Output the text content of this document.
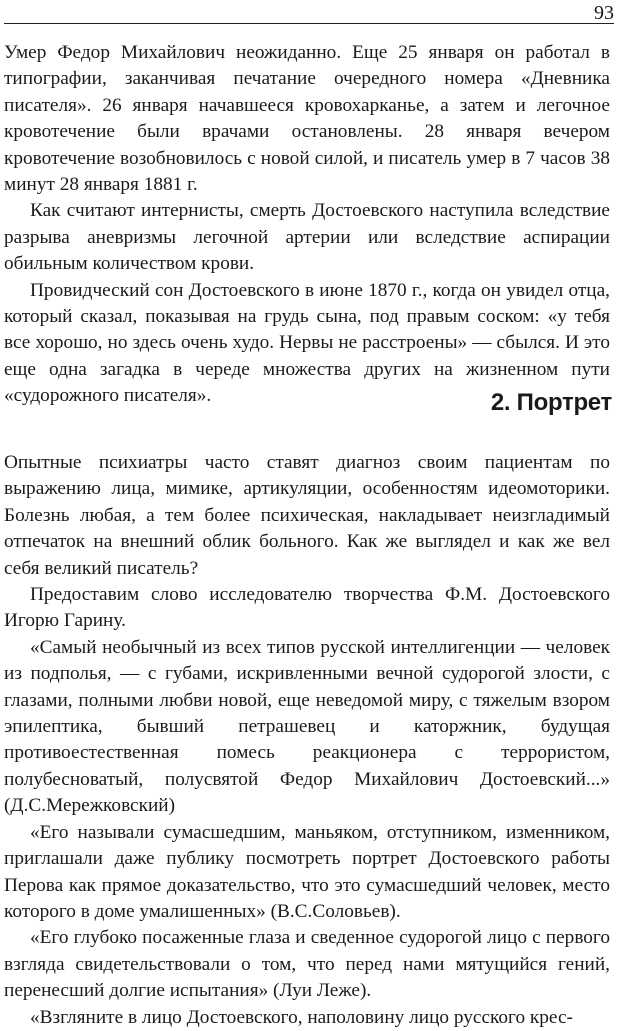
93

Умер Федор Михайлович неожиданно. Еще 25 января он работал в типографии, заканчивая печатание очередного номера «Дневника писателя». 26 января начавшееся кровохарканье, а затем и легочное кровотечение были врачами остановлены. 28 января вечером кровотечение возобновилось с новой силой, и писатель умер в 7 часов 38 минут 28 января 1881 г.

Как считают интернисты, смерть Достоевского наступила вследствие разрыва аневризмы легочной артерии или вследствие аспирации обильным количеством крови.

Провидческий сон Достоевского в июне 1870 г., когда он увидел отца, который сказал, показывая на грудь сына, под правым соском: «у тебя все хорошо, но здесь очень худо. Нервы не расстроены» — сбылся. И это еще одна загадка в череде множества других на жизненном пути «судорожного писателя».	2. Портрет

Опытные психиатры часто ставят диагноз своим пациентам по выражению лица, мимике, артикуляции, особенностям идеомоторики. Болезнь любая, а тем более психическая, накладывает неизгладимый отпечаток на внешний облик больного. Как же выглядел и как же вел себя великий писатель?

Предоставим слово исследователю творчества Ф.М. Достоевского Игорю Гарину.

«Самый необычный из всех типов русской интеллигенции — человек из подполья, — с губами, искривленными вечной судорогой злости, с глазами, полными любви новой, еще неведомой миру, с тяжелым взором эпилептика, бывший петрашевец и каторжник, будущая противоестественная помесь реакционера с террористом, полубесноватый, полусвятой Федор Михайлович Достоевский...» (Д.С.Мережковский)

«Его называли сумасшедшим, маньяком, отступником, изменником, приглашали даже публику посмотреть портрет Достоевского работы Перова как прямое доказательство, что это сумасшедший человек, место которого в доме умалишенных» (В.С.Соловьев).

«Его глубоко посаженные глаза и сведенное судорогой лицо с первого взгляда свидетельствовали о том, что перед нами мятущийся гений, перенесший долгие испытания» (Луи Леже).

«Взгляните в лицо Достоевского, наполовину лицо русского крес-
